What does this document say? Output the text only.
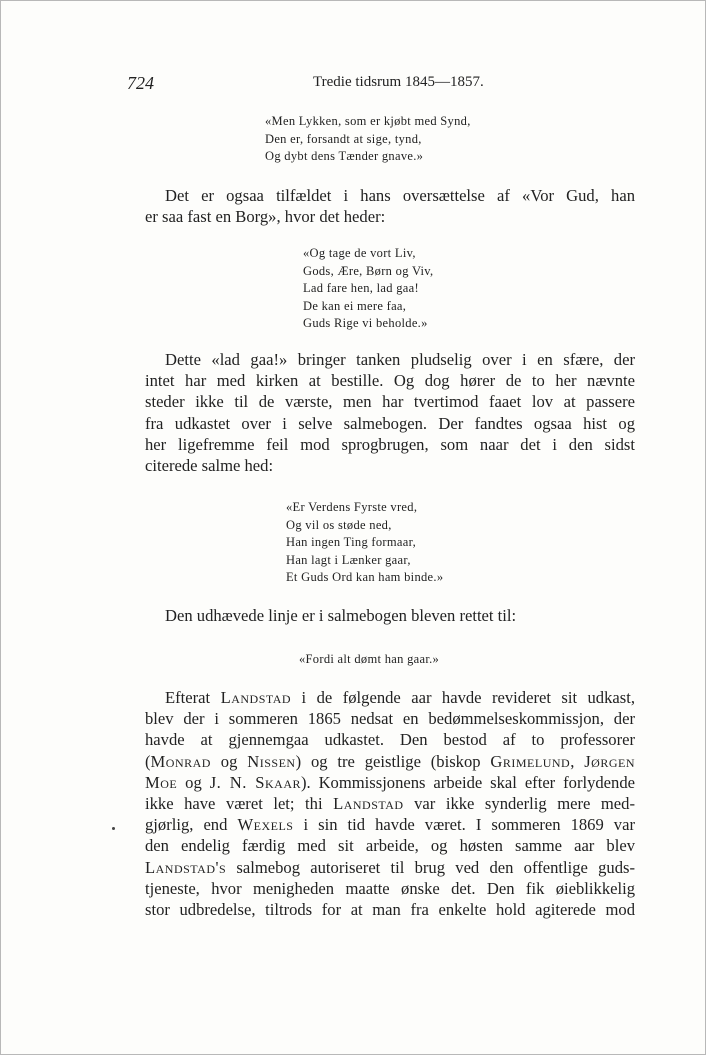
724	Tredie tidsrum 1845—1857.
«Men Lykken, som er kjøbt med Synd,
Den er, forsandt at sige, tynd,
Og dybt dens Tænder gnave.»
Det er ogsaa tilfældet i hans oversættelse af «Vor Gud, han
er saa fast en Borg», hvor det heder:
«Og tage de vort Liv,
Gods, Ære, Børn og Viv,
Lad fare hen, lad gaa!
De kan ei mere faa,
Guds Rige vi beholde.»
Dette «lad gaa!» bringer tanken pludselig over i en sfære, der
intet har med kirken at bestille. Og dog hører de to her nævnte
steder ikke til de værste, men har tvertimod faaet lov at passere
fra udkastet over i selve salmebogen. Der fandtes ogsaa hist og
her ligefremme feil mod sprogbrugen, som naar det i den sidst
citerede salme hed:
«Er Verdens Fyrste vred,
Og vil os støde ned,
Han ingen Ting formaar,
Han lagt i Lænker gaar,
Et Guds Ord kan ham binde.»
Den udhævede linje er i salmebogen bleven rettet til:
«Fordi alt dømt han gaar.»
Efterat Landstad i de følgende aar havde revideret sit udkast,
blev der i sommeren 1865 nedsat en bedømmelseskommissjon, der
havde at gjennemgaa udkastet. Den bestod af to professorer
(Monrad og Nissen) og tre geistlige (biskop Grimelund, Jørgen
Moe og J. N. Skaar). Kommissjonens arbeide skal efter forlydende
ikke have været let; thi Landstad var ikke synderlig mere med-
gjørlig, end Wexels i sin tid havde været. I sommeren 1869 var
den endelig færdig med sit arbeide, og høsten samme aar blev
Landstad's salmebog autoriseret til brug ved den offentlige guds-
tjeneste, hvor menigheden maatte ønske det. Den fik øieblikkelig
stor udbredelse, tiltrods for at man fra enkelte hold agiterede mod
